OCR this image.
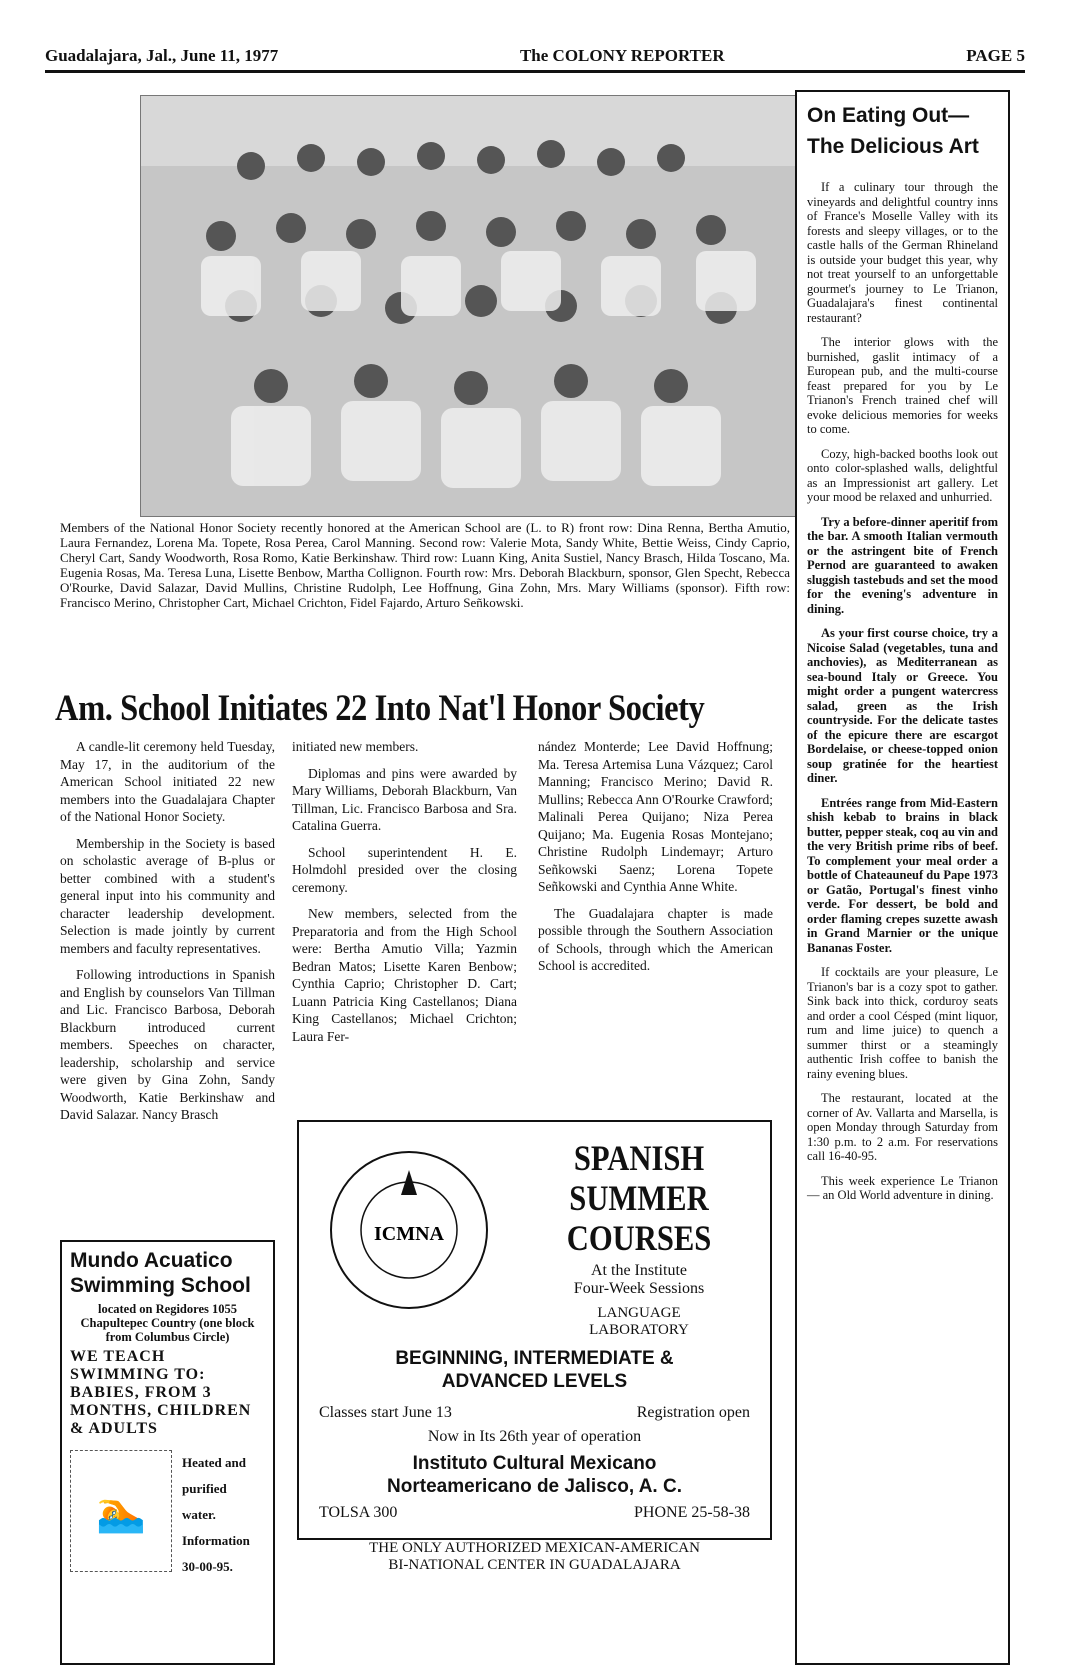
Guadalajara, Jal., June 11, 1977	The COLONY REPORTER	PAGE 5
Members of the National Honor Society recently honored at the American School are (L. to R) front row: Dina Renna, Bertha Amutio, Laura Fernandez, Lorena Ma. Topete, Rosa Perea, Carol Manning. Second row: Valerie Mota, Sandy White, Bettie Weiss, Cindy Caprio, Cheryl Cart, Sandy Woodworth, Rosa Romo, Katie Berkinshaw. Third row: Luann King, Anita Sustiel, Nancy Brasch, Hilda Toscano, Ma. Eugenia Rosas, Ma. Teresa Luna, Lisette Benbow, Martha Collignon. Fourth row: Mrs. Deborah Blackburn, sponsor, Glen Specht, Rebecca O'Rourke, David Salazar, David Mullins, Christine Rudolph, Lee Hoffnung, Gina Zohn, Mrs. Mary Williams (sponsor). Fifth row: Francisco Merino, Christopher Cart, Michael Crichton, Fidel Fajardo, Arturo Señkowski.
Am. School Initiates 22 Into Nat'l Honor Society

A candle-lit ceremony held Tuesday, May 17, in the auditorium of the American School initiated 22 new members into the Guadalajara Chapter of the National Honor Society.

Membership in the Society is based on scholastic average of B-plus or better combined with a student's general input into his community and character leadership development. Selection is made jointly by current members and faculty representatives.

Following introductions in Spanish and English by counselors Van Tillman and Lic. Francisco Barbosa, Deborah Blackburn introduced current members. Speeches on character, leadership, scholarship and service were given by Gina Zohn, Sandy Woodworth, Katie Berkinshaw and David Salazar. Nancy Brasch

initiated new members.

Diplomas and pins were awarded by Mary Williams, Deborah Blackburn, Van Tillman, Lic. Francisco Barbosa and Sra. Catalina Guerra.

School superintendent H. E. Holmdohl presided over the closing ceremony.

New members, selected from the Preparatoria and from the High School were: Bertha Amutio Villa; Yazmin Bedran Matos; Lisette Karen Benbow; Cynthia Caprio; Christopher D. Cart; Luann Patricia King Castellanos; Diana King Castellanos; Michael Crichton; Laura Fer-

nández Monterde; Lee David Hoffnung; Ma. Teresa Artemisa Luna Vázquez; Carol Manning; Francisco Merino; David R. Mullins; Rebecca Ann O'Rourke Crawford; Malinali Perea Quijano; Niza Perea Quijano; Ma. Eugenia Rosas Montejano; Christine Rudolph Lindemayr; Arturo Señkowski Saenz; Lorena Topete Señkowski and Cynthia Anne White.

The Guadalajara chapter is made possible through the Southern Association of Schools, through which the American School is accredited.

On Eating Out—
The Delicious Art

If a culinary tour through the vineyards and delightful country inns of France's Moselle Valley with its forests and sleepy villages, or to the castle halls of the German Rhineland is outside your budget this year, why not treat yourself to an unforgettable gourmet's journey to Le Trianon, Guadalajara's finest continental restaurant?

The interior glows with the burnished, gaslit intimacy of a European pub, and the multi-course feast prepared for you by Le Trianon's French trained chef will evoke delicious memories for weeks to come.

Cozy, high-backed booths look out onto color-splashed walls, delightful as an Impressionist art gallery. Let your mood be relaxed and unhurried.

Try a before-dinner aperitif from the bar. A smooth Italian vermouth or the astringent bite of French Pernod are guaranteed to awaken sluggish tastebuds and set the mood for the evening's adventure in dining.

As your first course choice, try a Nicoise Salad (vegetables, tuna and anchovies), as Mediterranean as sea-bound Italy or Greece. You might order a pungent watercress salad, green as the Irish countryside. For the delicate tastes of the epicure there are escargot Bordelaise, or cheese-topped onion soup gratinée for the heartiest diner.

Entrées range from Mid-Eastern shish kebab to brains in black butter, pepper steak, coq au vin and the very British prime ribs of beef. To complement your meal order a bottle of Chateauneuf du Pape 1973 or Gatão, Portugal's finest vinho verde. For dessert, be bold and order flaming crepes suzette awash in Grand Marnier or the unique Bananas Foster.

If cocktails are your pleasure, Le Trianon's bar is a cozy spot to gather. Sink back into thick, corduroy seats and order a cool Césped (mint liquor, rum and lime juice) to quench a summer thirst or a steamingly authentic Irish coffee to banish the rainy evening blues.

The restaurant, located at the corner of Av. Vallarta and Marsella, is open Monday through Saturday from 1:30 p.m. to 2 a.m. For reservations call 16-40-95.

This week experience Le Trianon — an Old World adventure in dining.

Mundo Acuatico Swimming School
located on Regidores 1055 Chapultepec Country (one block from Columbus Circle)
WE TEACH SWIMMING TO: BABIES, FROM 3 MONTHS, CHILDREN & ADULTS
🏊
Heated and
purified
water. Information
30-00-95.
ICMNA
SPANISH
SUMMER
COURSES
At the Institute
Four-Week Sessions
LANGUAGE
LABORATORY
BEGINNING, INTERMEDIATE &
ADVANCED LEVELS
Classes start June 13	Registration open
Now in Its 26th year of operation
Instituto Cultural Mexicano
Norteamericano de Jalisco, A. C.
TOLSA 300	PHONE 25-58-38
THE ONLY AUTHORIZED MEXICAN-AMERICAN
BI-NATIONAL CENTER IN GUADALAJARA
